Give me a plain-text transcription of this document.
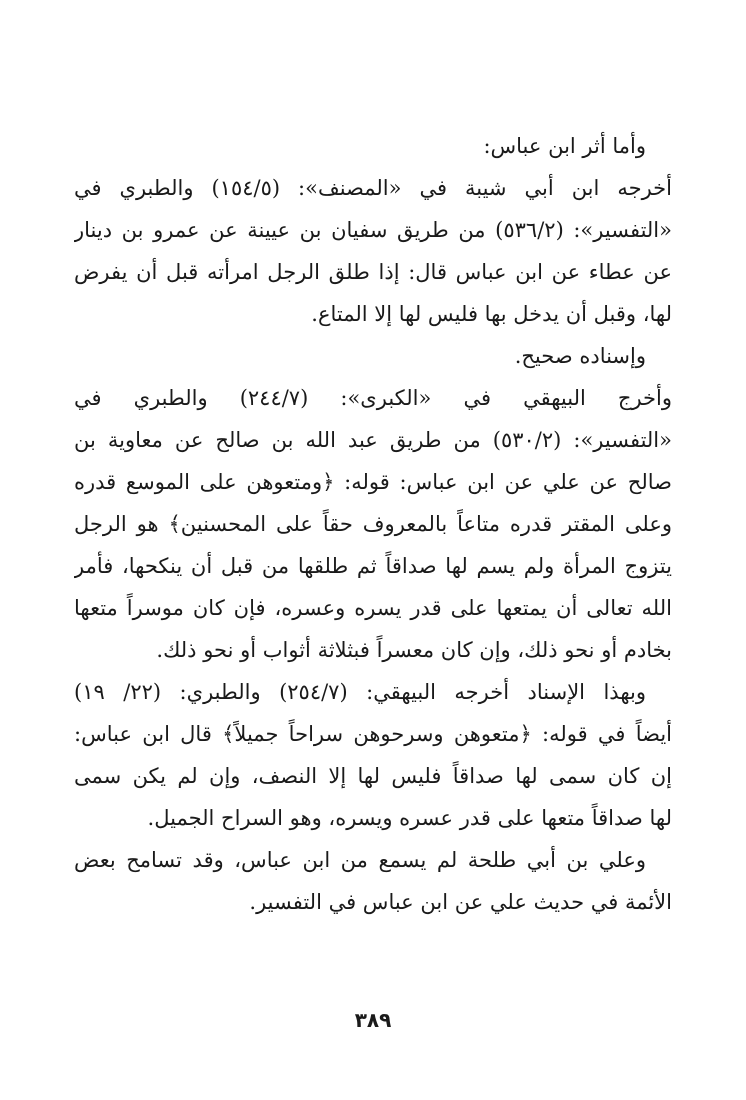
وأما أثر ابن عباس:
أخرجه ابن أبي شيبة في «المصنف»: (١٥٤/٥) والطبري في
«التفسير»: (٥٣٦/٢) من طريق سفيان بن عيينة عن عمرو بن دينار
عن عطاء عن ابن عباس قال: إذا طلق الرجل امرأته قبل أن يفرض
لها، وقبل أن يدخل بها فليس لها إلا المتاع.
وإسناده صحيح.
وأخرج البيهقي في «الكبرى»: (٢٤٤/٧) والطبري في
«التفسير»: (٥٣٠/٢) من طريق عبد الله بن صالح عن معاوية بن
صالح عن علي عن ابن عباس: قوله: ﴿ومتعوهن على الموسع قدره
وعلى المقتر قدره متاعاً بالمعروف حقاً على المحسنين﴾ هو الرجل
يتزوج المرأة ولم يسم لها صداقاً ثم طلقها من قبل أن ينكحها، فأمر
الله تعالى أن يمتعها على قدر يسره وعسره، فإن كان موسراً متعها
بخادم أو نحو ذلك، وإن كان معسراً فبثلاثة أثواب أو نحو ذلك.
وبهذا الإسناد أخرجه البيهقي: (٢٥٤/٧) والطبري: (٢٢/ ١٩)
أيضاً في قوله: ﴿متعوهن وسرحوهن سراحاً جميلاً﴾ قال ابن عباس:
إن كان سمى لها صداقاً فليس لها إلا النصف، وإن لم يكن سمى
لها صداقاً متعها على قدر عسره ويسره، وهو السراح الجميل.
وعلي بن أبي طلحة لم يسمع من ابن عباس، وقد تسامح بعض
الأئمة في حديث علي عن ابن عباس في التفسير.
٣٨٩
